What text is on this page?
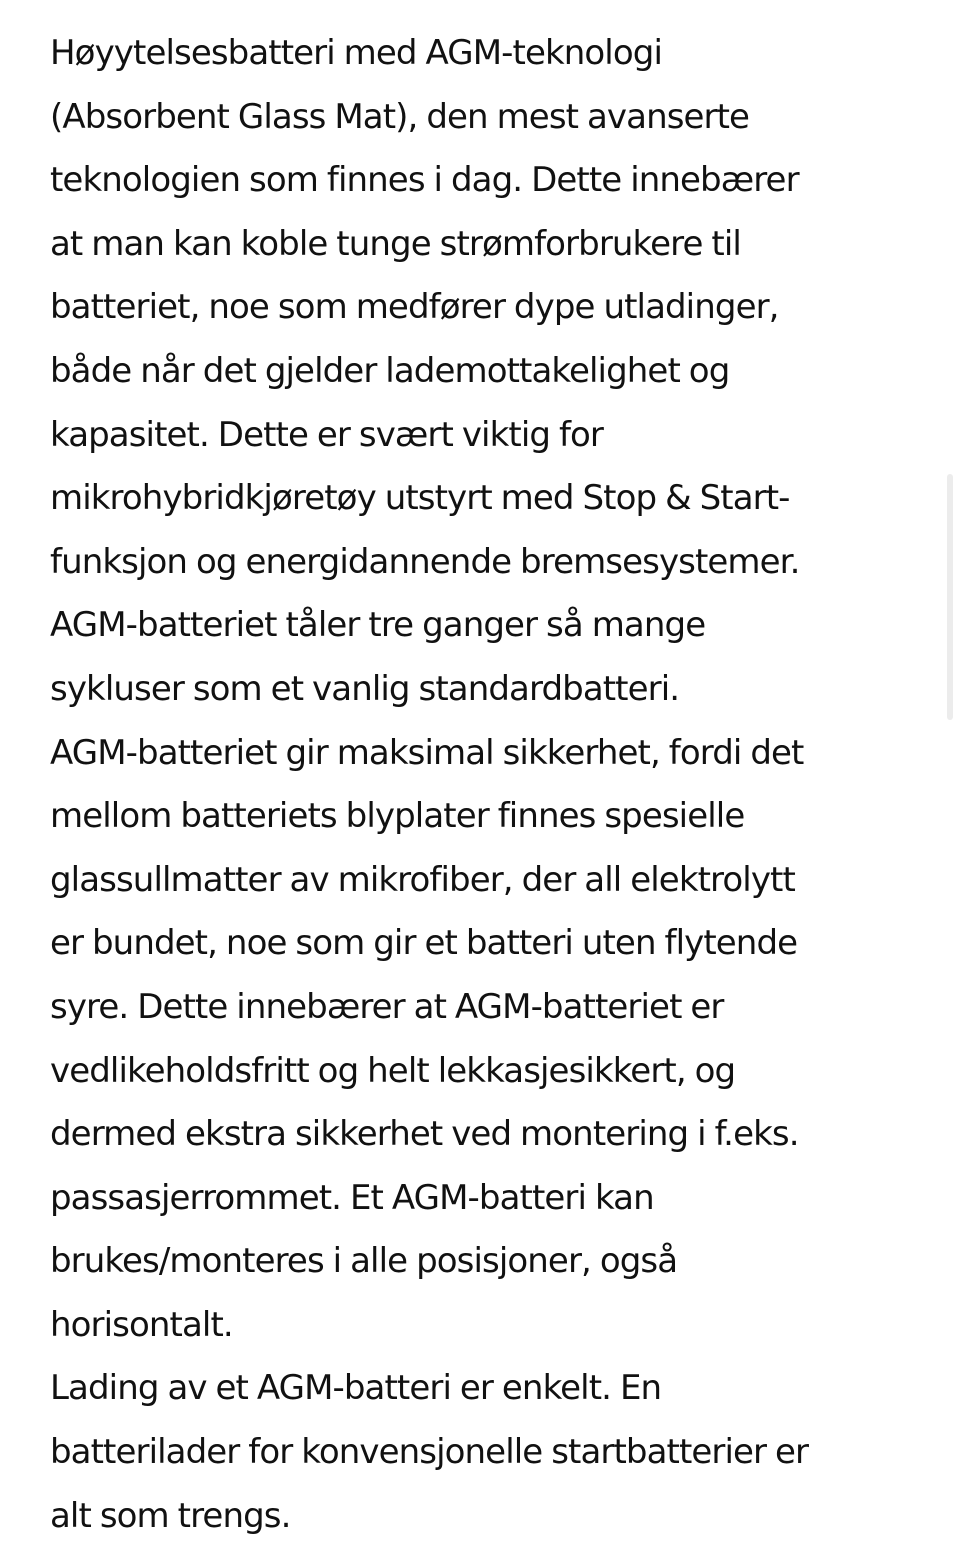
Høyytelsesbatteri med AGM-teknologi
(Absorbent Glass Mat), den mest avanserte
teknologien som finnes i dag. Dette innebærer
at man kan koble tunge strømforbrukere til
batteriet, noe som medfører dype utladinger,
både når det gjelder lademottakelighet og
kapasitet. Dette er svært viktig for
mikrohybridkjøretøy utstyrt med Stop & Start-
funksjon og energidannende bremsesystemer.
AGM-batteriet tåler tre ganger så mange
sykluser som et vanlig standardbatteri.
AGM-batteriet gir maksimal sikkerhet, fordi det
mellom batteriets blyplater finnes spesielle
glassullmatter av mikrofiber, der all elektrolytt
er bundet, noe som gir et batteri uten flytende
syre. Dette innebærer at AGM-batteriet er
vedlikeholdsfritt og helt lekkasjesikkert, og
dermed ekstra sikkerhet ved montering i f.eks.
passasjerrommet. Et AGM-batteri kan
brukes/monteres i alle posisjoner, også
horisontalt.
Lading av et AGM-batteri er enkelt. En
batterilader for konvensjonelle startbatterier er
alt som trengs.
